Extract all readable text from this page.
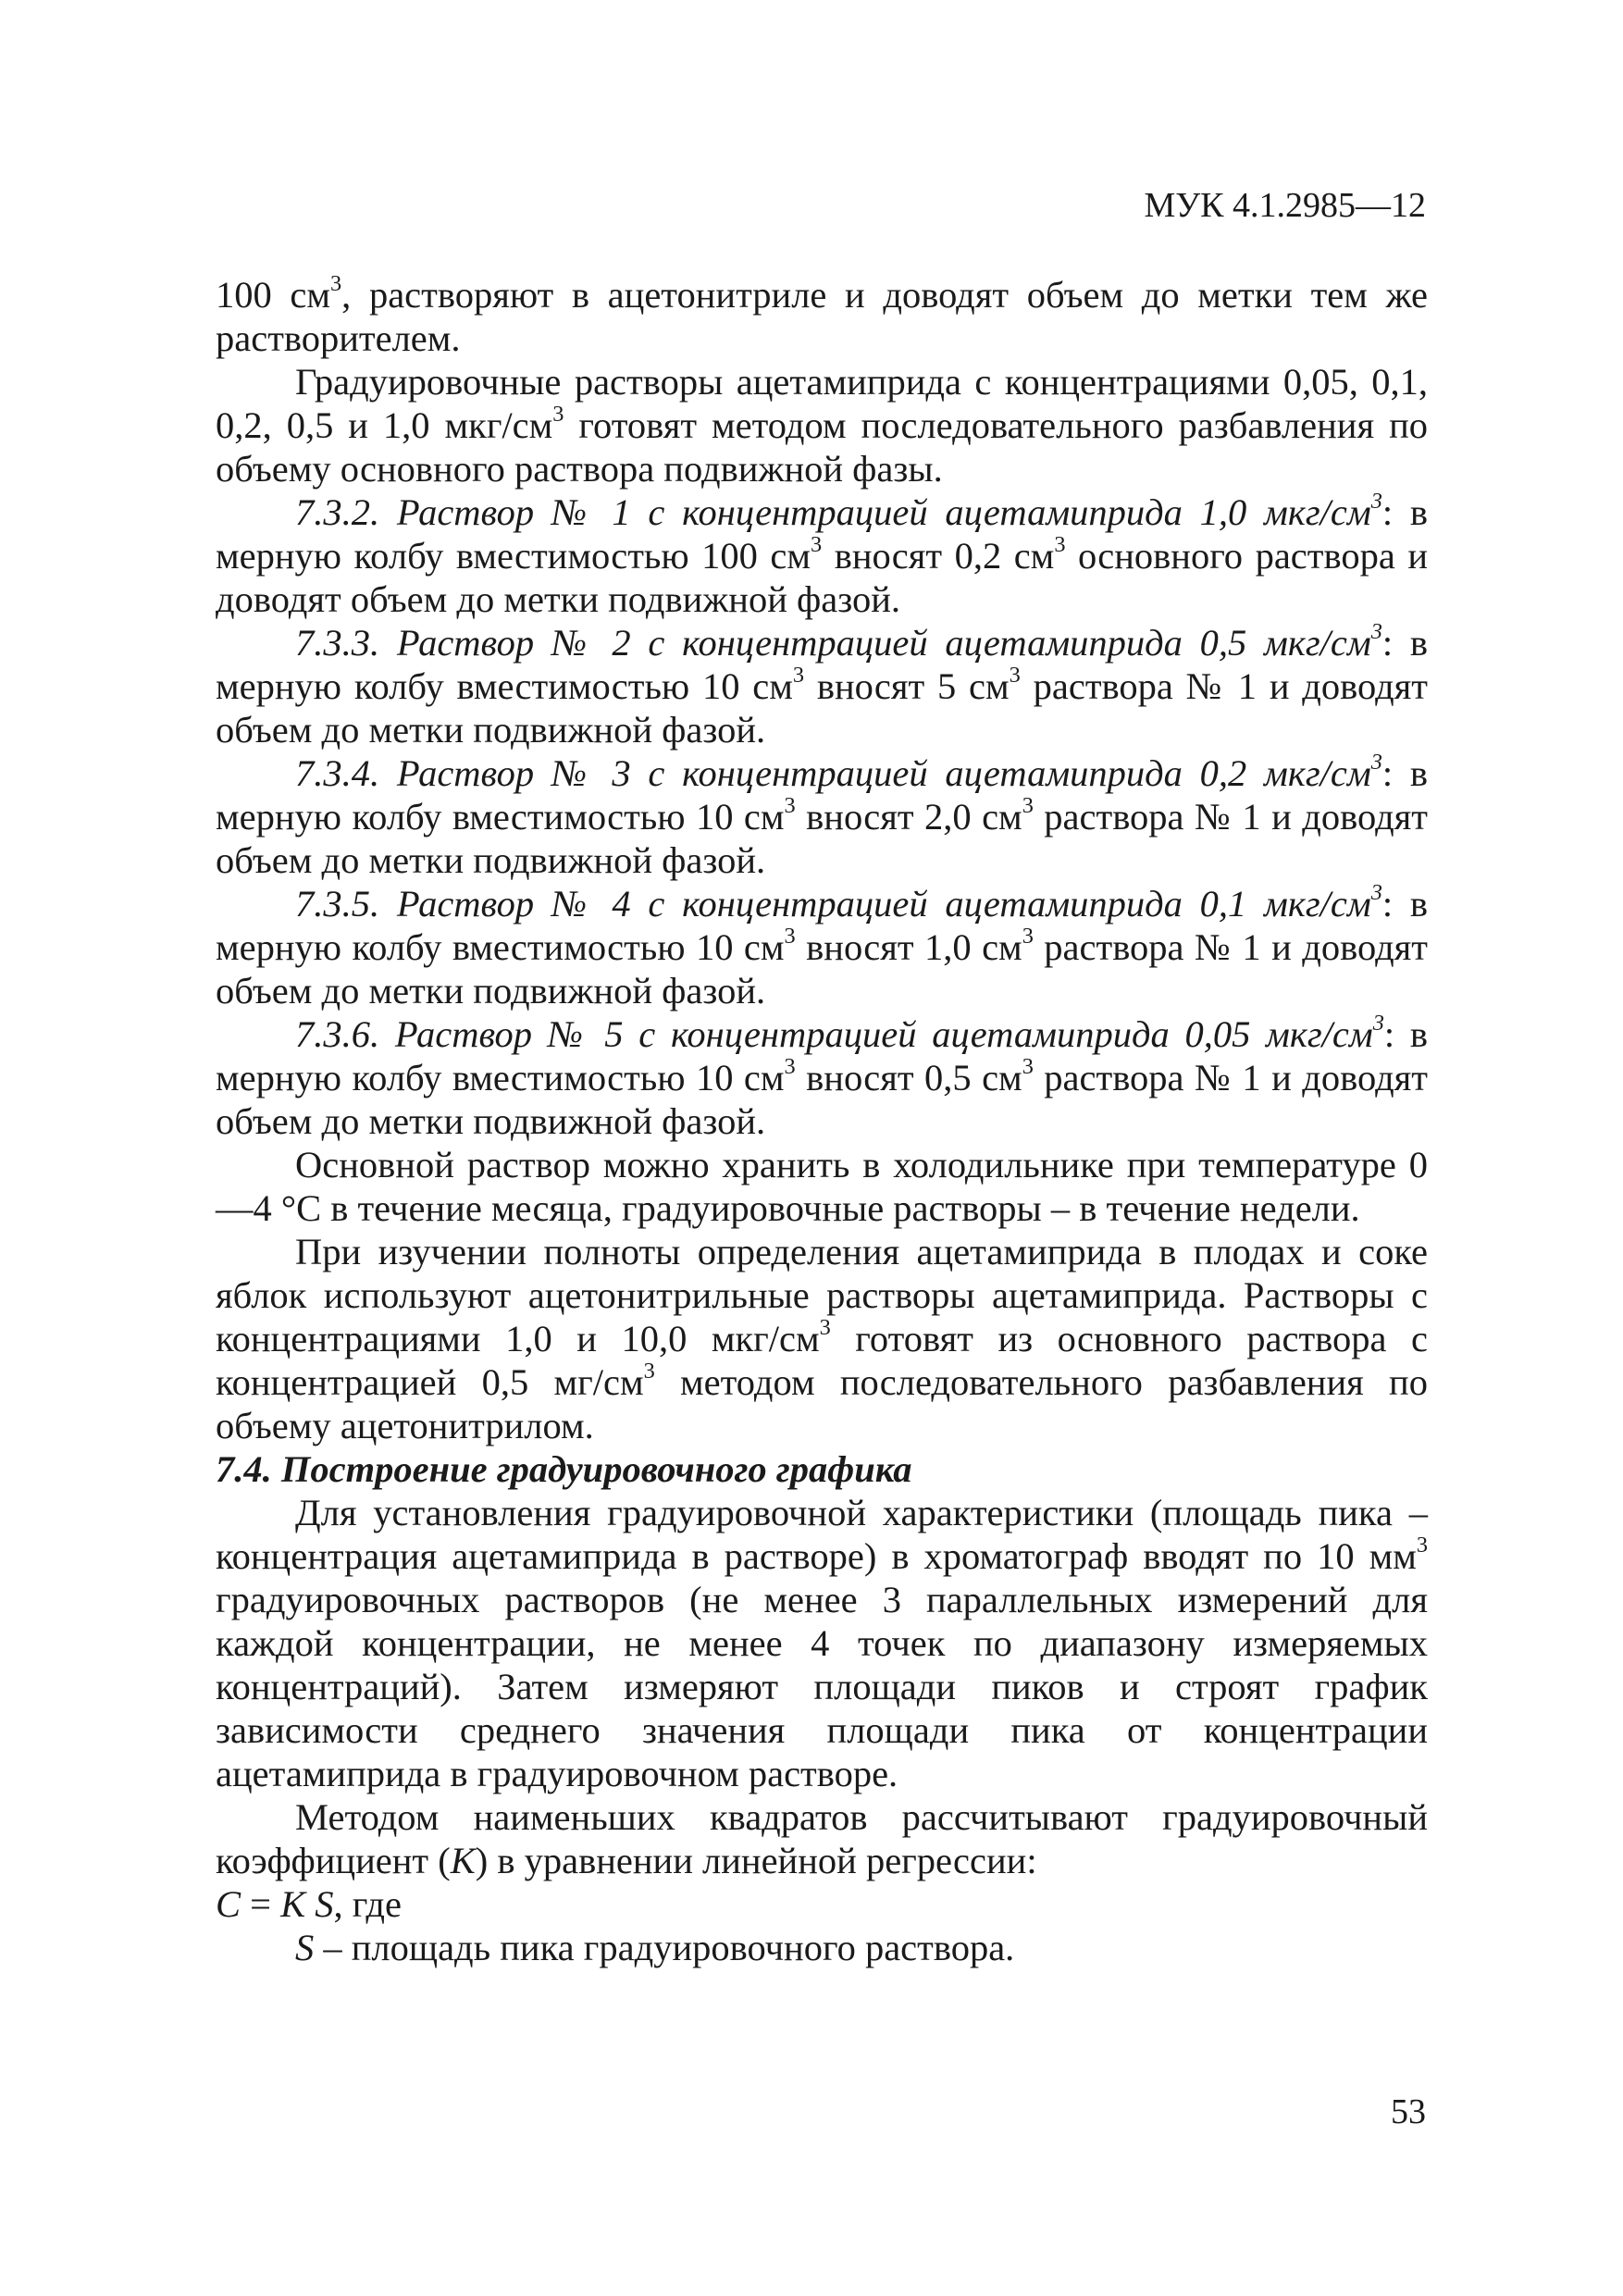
МУК 4.1.2985—12

100 $см^3$, растворяют в ацетонитриле и доводят объем до метки тем же растворителем.

Градуировочные растворы ацетамиприда с концентрациями 0,05, 0,1, 0,2, 0,5 и 1,0 мкг/$см^3$ готовят методом последовательного разбавления по объему основного раствора подвижной фазы.

7.3.2. Раствор № 1 с концентрацией ацетамиприда 1,0 мкг/$см^3$: в мерную колбу вместимостью 100 $см^3$ вносят 0,2 $см^3$ основного раствора и доводят объем до метки подвижной фазой.

7.3.3. Раствор № 2 с концентрацией ацетамиприда 0,5 мкг/$см^3$: в мерную колбу вместимостью 10 $см^3$ вносят 5 $см^3$ раствора № 1 и доводят объем до метки подвижной фазой.

7.3.4. Раствор № 3 с концентрацией ацетамиприда 0,2 мкг/$см^3$: в мерную колбу вместимостью 10 $см^3$ вносят 2,0 $см^3$ раствора № 1 и доводят объем до метки подвижной фазой.

7.3.5. Раствор № 4 с концентрацией ацетамиприда 0,1 мкг/$см^3$: в мерную колбу вместимостью 10 $см^3$ вносят 1,0 $см^3$ раствора № 1 и доводят объем до метки подвижной фазой.

7.3.6. Раствор № 5 с концентрацией ацетамиприда 0,05 мкг/$см^3$: в мерную колбу вместимостью 10 $см^3$ вносят 0,5 $см^3$ раствора № 1 и доводят объем до метки подвижной фазой.

Основной раствор можно хранить в холодильнике при температуре 0—4 °С в течение месяца, градуировочные растворы – в течение недели.

При изучении полноты определения ацетамиприда в плодах и соке яблок используют ацетонитрильные растворы ацетамиприда. Растворы с концентрациями 1,0 и 10,0 мкг/$см^3$ готовят из основного раствора с концентрацией 0,5 $мг/см^3$ методом последовательного разбавления по объему ацетонитрилом.

7.4. Построение градуировочного графика

Для установления градуировочной характеристики (площадь пика – концентрация ацетамиприда в растворе) в хроматограф вводят по 10 $мм^3$ градуировочных растворов (не менее 3 параллельных измерений для каждой концентрации, не менее 4 точек по диапазону измеряемых концентраций). Затем измеряют площади пиков и строят график зависимости среднего значения площади пика от концентрации ацетамиприда в градуировочном растворе.

Методом наименьших квадратов рассчитывают градуировочный коэффициент (K) в уравнении линейной регрессии:

C = K S, где

S – площадь пика градуировочного раствора.

53
